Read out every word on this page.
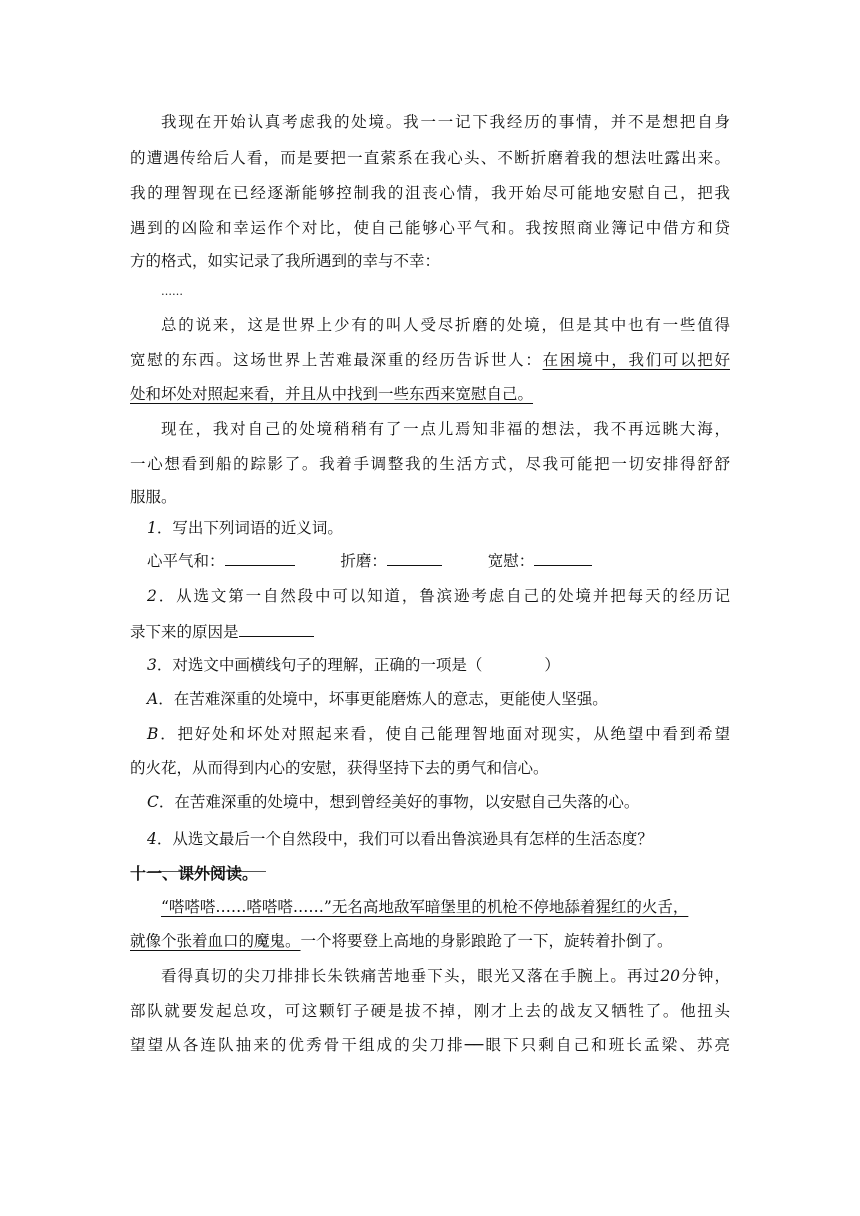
我现在开始认真考虑我的处境。我一一记下我经历的事情，并不是想把自身
的遭遇传给后人看，而是要把一直萦系在我心头、不断折磨着我的想法吐露出来。
我的理智现在已经逐渐能够控制我的沮丧心情，我开始尽可能地安慰自己，把我
遇到的凶险和幸运作个对比，使自己能够心平气和。我按照商业簿记中借方和贷
方的格式，如实记录了我所遇到的幸与不幸：
……
总的说来，这是世界上少有的叫人受尽折磨的处境，但是其中也有一些值得
宽慰的东西。这场世界上苦难最深重的经历告诉世人：在困境中，我们可以把好
处和坏处对照起来看，并且从中找到一些东西来宽慰自己。
现在，我对自己的处境稍稍有了一点儿焉知非福的想法，我不再远眺大海，
一心想看到船的踪影了。我着手调整我的生活方式，尽我可能把一切安排得舒舒
服服。
1．写出下列词语的近义词。
心平气和：	折磨：	宽慰：
2．从选文第一自然段中可以知道，鲁滨逊考虑自己的处境并把每天的经历记
录下来的原因是
3．对选文中画横线句子的理解，正确的一项是（	）
A．在苦难深重的处境中，坏事更能磨炼人的意志，更能使人坚强。
B．把好处和坏处对照起来看，使自己能理智地面对现实，从绝望中看到希望
的火花，从而得到内心的安慰，获得坚持下去的勇气和信心。
C．在苦难深重的处境中，想到曾经美好的事物，以安慰自己失落的心。
4．从选文最后一个自然段中，我们可以看出鲁滨逊具有怎样的生活态度？
十一、课外阅读。
“嗒嗒嗒……嗒嗒嗒……”无名高地敌军暗堡里的机枪不停地舔着猩红的火舌，
就像个张着血口的魔鬼。一个将要登上高地的身影踉跄了一下，旋转着扑倒了。
看得真切的尖刀排排长朱铁痛苦地垂下头，眼光又落在手腕上。再过20分钟，
部队就要发起总攻，可这颗钉子硬是拔不掉，刚才上去的战友又牺牲了。他扭头
望望从各连队抽来的优秀骨干组成的尖刀排──眼下只剩自己和班长孟梁、苏亮
